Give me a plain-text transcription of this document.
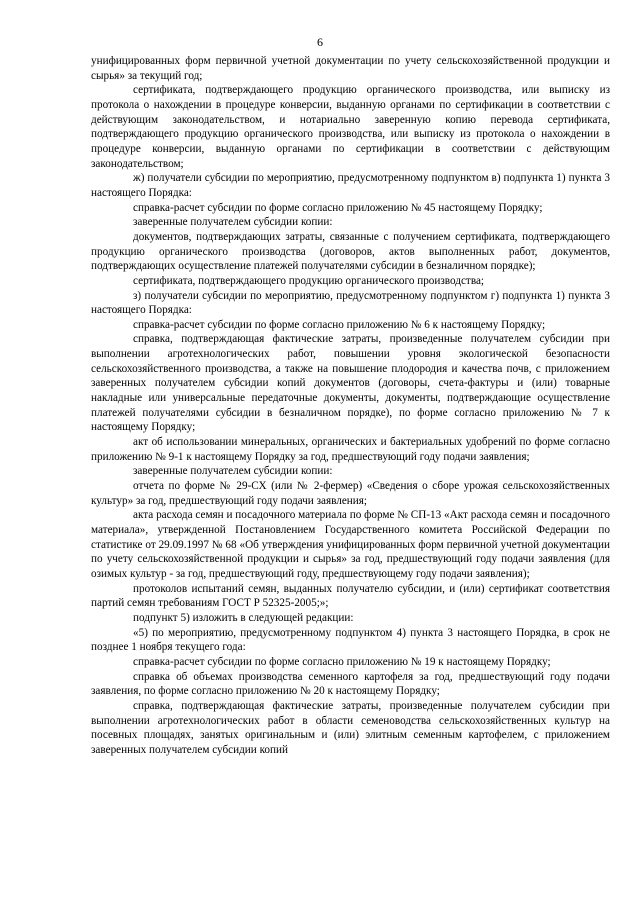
6

унифицированных форм первичной учетной документации по учету сельскохозяйственной продукции и сырья» за текущий год;

сертификата, подтверждающего продукцию органического производства, или выписку из протокола о нахождении в процедуре конверсии, выданную органами по сертификации в соответствии с действующим законодательством, и нотариально заверенную копию перевода сертификата, подтверждающего продукцию органического производства, или выписку из протокола о нахождении в процедуре конверсии, выданную органами по сертификации в соответствии с действующим законодательством;

ж) получатели субсидии по мероприятию, предусмотренному подпунктом в) подпункта 1) пункта 3 настоящего Порядка:

справка-расчет субсидии по форме согласно приложению № 45 настоящему Порядку;

заверенные получателем субсидии копии:

документов, подтверждающих затраты, связанные с получением сертификата, подтверждающего продукцию органического производства (договоров, актов выполненных работ, документов, подтверждающих осуществление платежей получателями субсидии в безналичном порядке);

сертификата, подтверждающего продукцию органического производства;

з) получатели субсидии по мероприятию, предусмотренному подпунктом г) подпункта 1) пункта 3 настоящего Порядка:

справка-расчет субсидии по форме согласно приложению № 6 к настоящему Порядку;

справка, подтверждающая фактические затраты, произведенные получателем субсидии при выполнении агротехнологических работ, повышении уровня экологической безопасности сельскохозяйственного производства, а также на повышение плодородия и качества почв, с приложением заверенных получателем субсидии копий документов (договоры, счета-фактуры и (или) товарные накладные или универсальные передаточные документы, документы, подтверждающие осуществление платежей получателями субсидии в безналичном порядке), по форме согласно приложению № 7 к настоящему Порядку;

акт об использовании минеральных, органических и бактериальных удобрений по форме согласно приложению № 9-1 к настоящему Порядку за год, предшествующий году подачи заявления;

заверенные получателем субсидии копии:

отчета по форме № 29-СХ (или № 2-фермер) «Сведения о сборе урожая сельскохозяйственных культур» за год, предшествующий году подачи заявления;

акта расхода семян и посадочного материала по форме № СП-13 «Акт расхода семян и посадочного материала», утвержденной Постановлением Государственного комитета Российской Федерации по статистике от 29.09.1997 № 68 «Об утверждения унифицированных форм первичной учетной документации по учету сельскохозяйственной продукции и сырья» за год, предшествующий году подачи заявления (для озимых культур - за год, предшествующий году, предшествующему году подачи заявления);

протоколов испытаний семян, выданных получателю субсидии, и (или) сертификат соответствия партий семян требованиям ГОСТ Р 52325-2005;»;

подпункт 5) изложить в следующей редакции:

«5) по мероприятию, предусмотренному подпунктом 4) пункта 3 настоящего Порядка, в срок не позднее 1 ноября текущего года:

справка-расчет субсидии по форме согласно приложению № 19 к настоящему Порядку;

справка об объемах производства семенного картофеля за год, предшествующий году подачи заявления, по форме согласно приложению № 20 к настоящему Порядку;

справка, подтверждающая фактические затраты, произведенные получателем субсидии при выполнении агротехнологических работ в области семеноводства сельскохозяйственных культур на посевных площадях, занятых оригинальным и (или) элитным семенным картофелем, с приложением заверенных получателем субсидии копий
